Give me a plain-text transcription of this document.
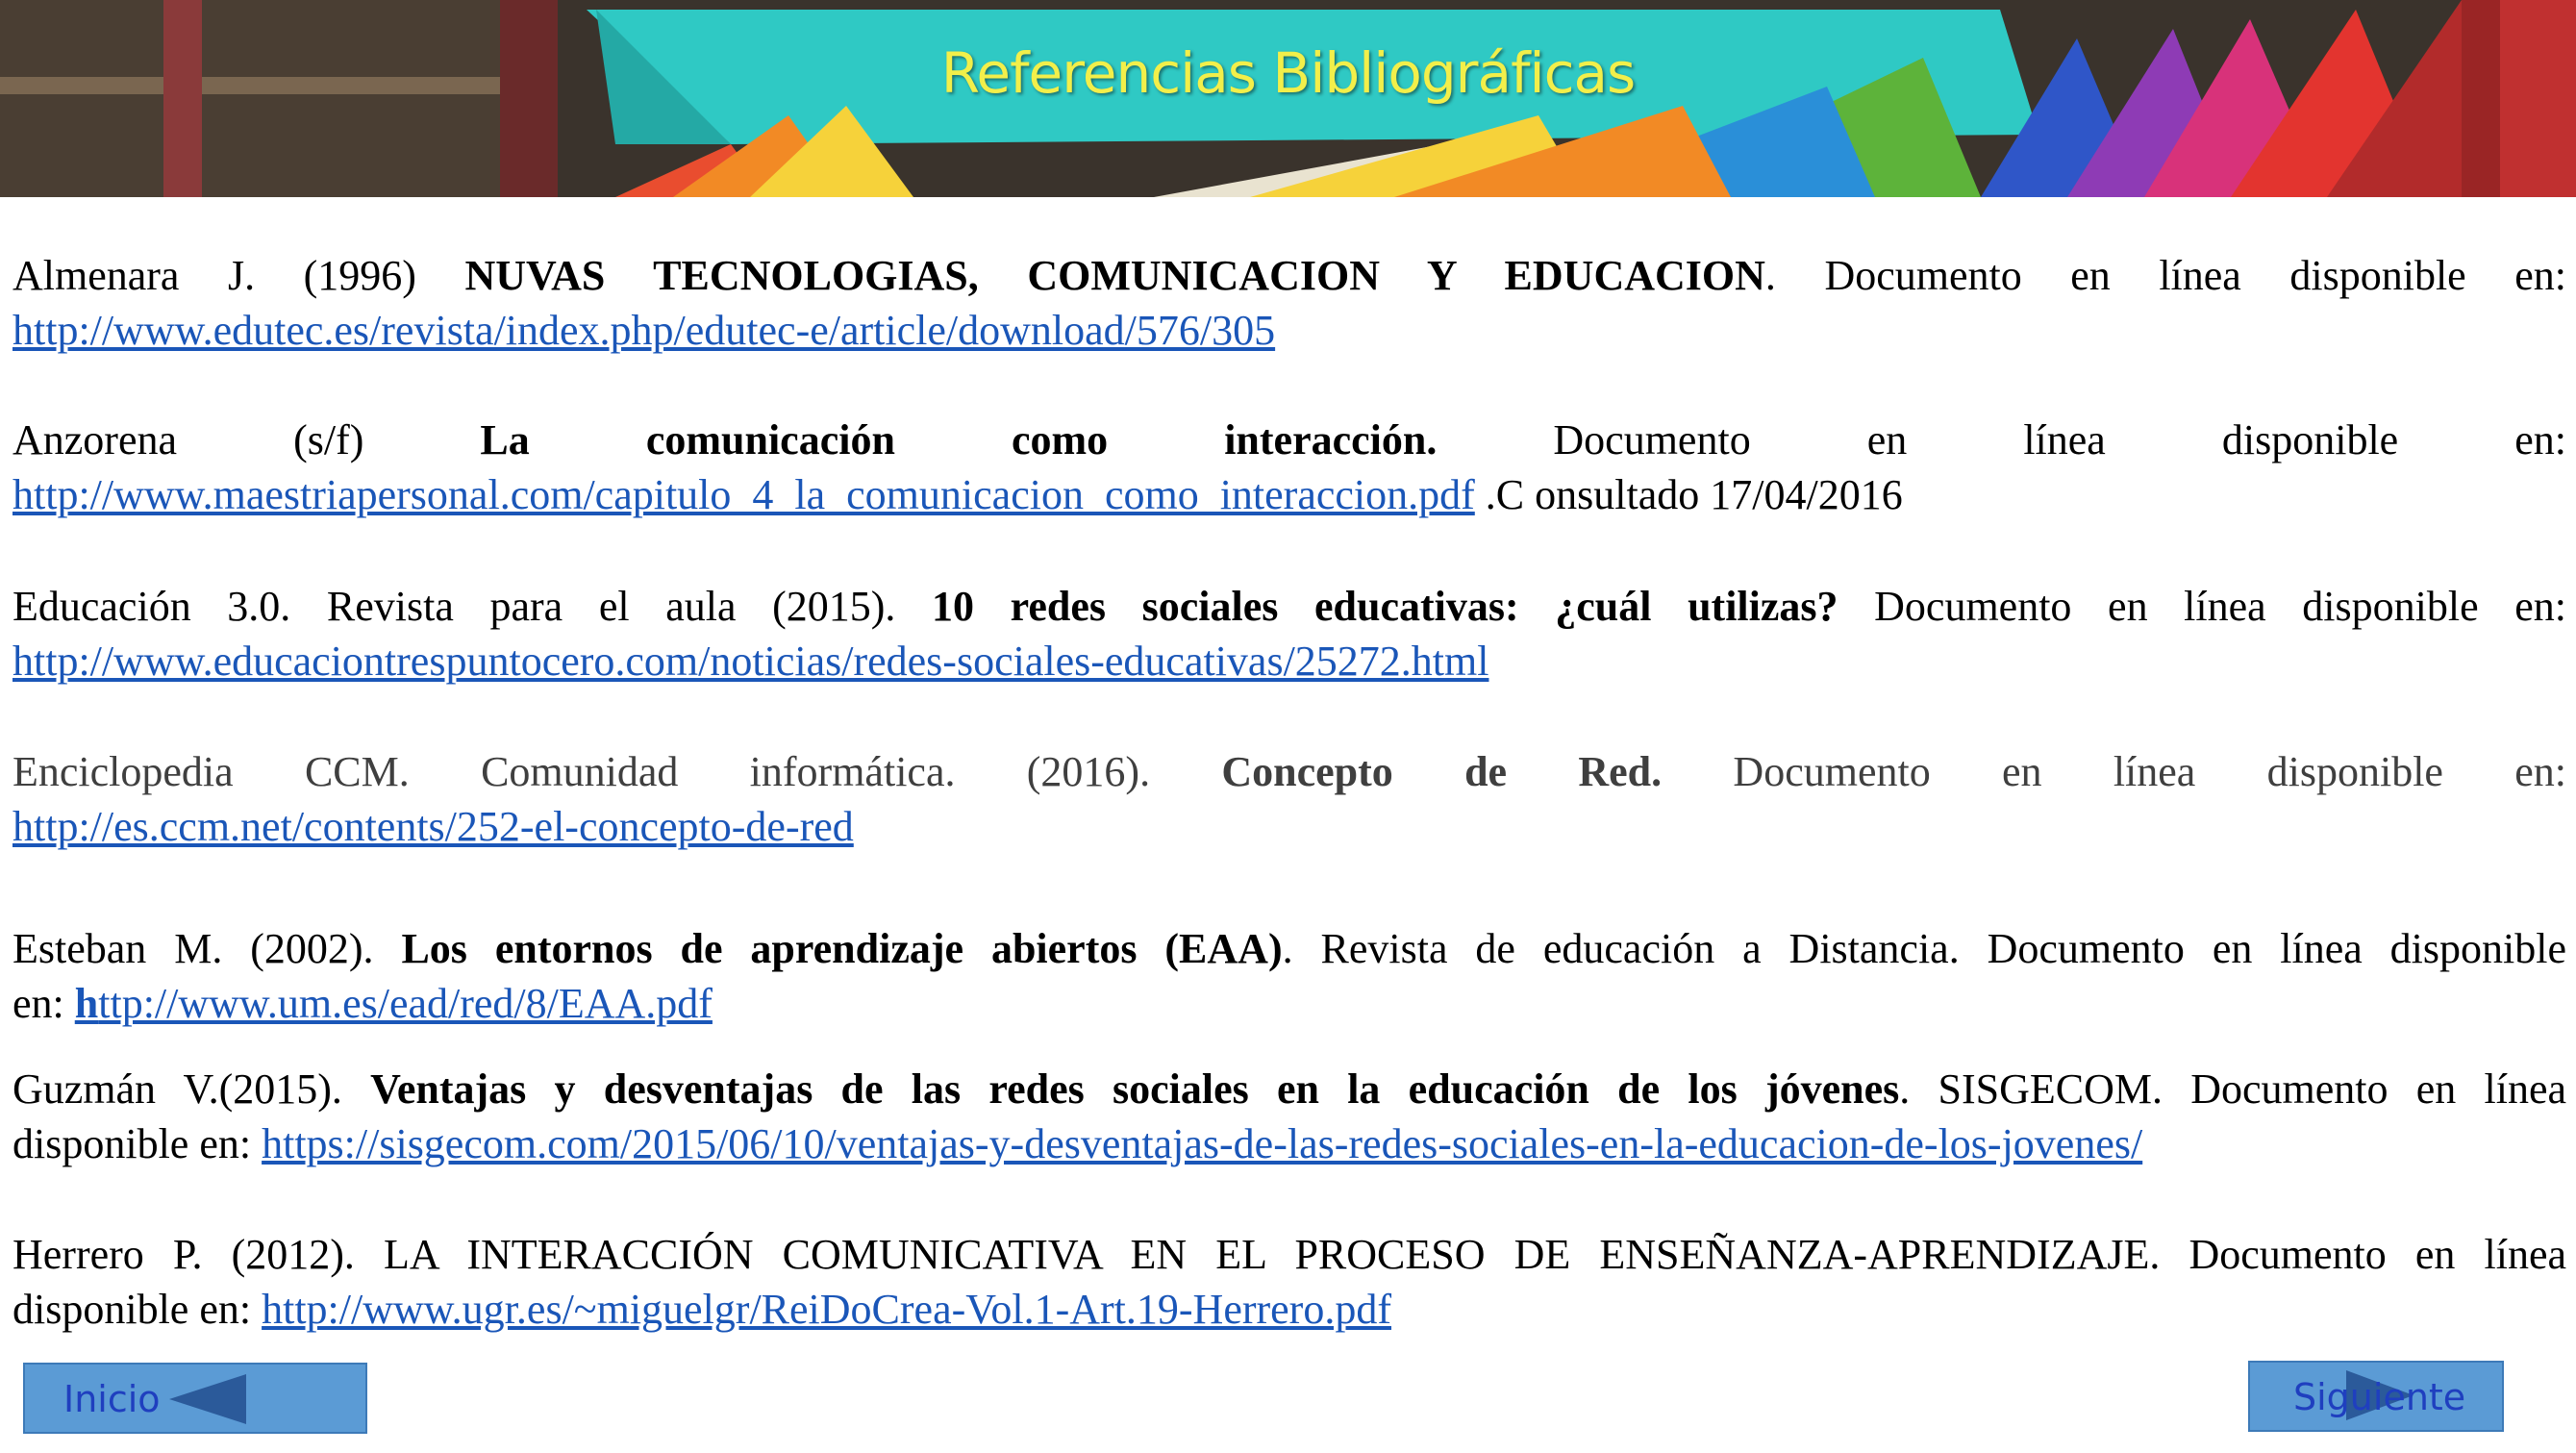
Referencias Bibliográficas
Almenara J. (1996) NUVAS TECNOLOGIAS, COMUNICACION Y EDUCACION. Documento en línea disponible en:
http://www.edutec.es/revista/index.php/edutec-e/article/download/576/305
Anzorena (s/f) La comunicación como interacción. Documento en línea disponible en:
http://www.maestriapersonal.com/capitulo_4_la_comunicacion_como_interaccion.pdf .C onsultado 17/04/2016
Educación 3.0. Revista para el aula (2015). 10 redes sociales educativas: ¿cuál utilizas? Documento en línea disponible en:
http://www.educaciontrespuntocero.com/noticias/redes-sociales-educativas/25272.html
Enciclopedia CCM. Comunidad informática. (2016). Concepto de Red. Documento en línea disponible en:
http://es.ccm.net/contents/252-el-concepto-de-red
Esteban M. (2002). Los entornos de aprendizaje abiertos (EAA). Revista de educación a Distancia. Documento en línea disponible
en: http://www.um.es/ead/red/8/EAA.pdf
Guzmán V.(2015). Ventajas y desventajas de las redes sociales en la educación de los jóvenes. SISGECOM. Documento en línea
disponible en: https://sisgecom.com/2015/06/10/ventajas-y-desventajas-de-las-redes-sociales-en-la-educacion-de-los-jovenes/
Herrero P. (2012). LA INTERACCIÓN COMUNICATIVA EN EL PROCESO DE ENSEÑANZA-APRENDIZAJE. Documento en línea
disponible en: http://www.ugr.es/~miguelgr/ReiDoCrea-Vol.1-Art.19-Herrero.pdf
Inicio	Siguiente
